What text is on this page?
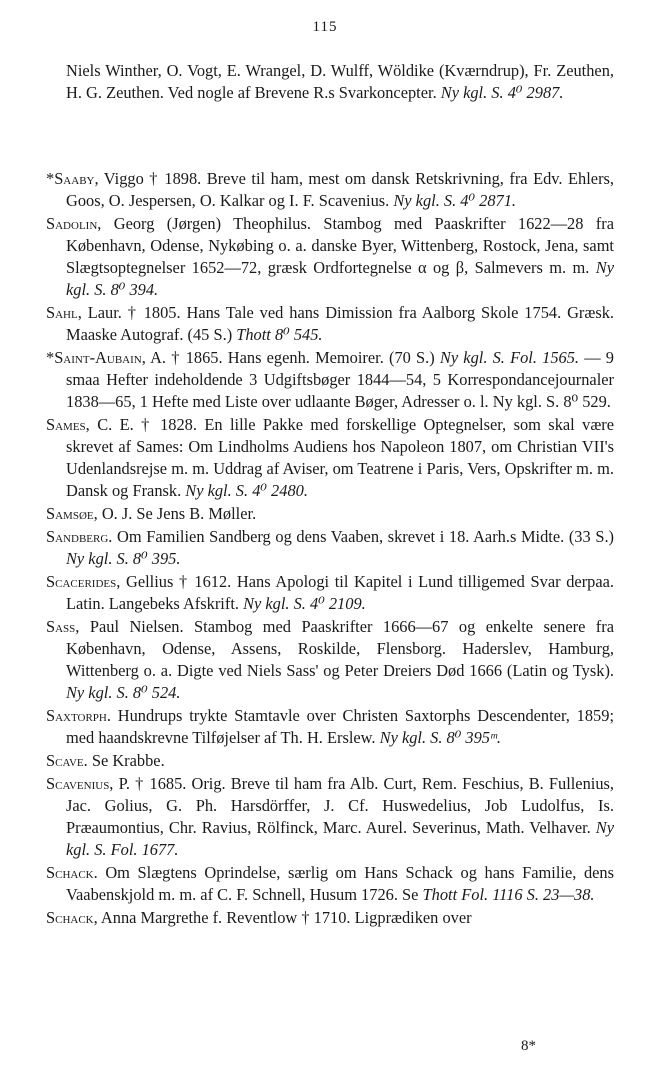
115
Niels Winther, O. Vogt, E. Wrangel, D. Wulff, Wöldike (Kværndrup), Fr. Zeuthen, H. G. Zeuthen. Ved nogle af Brevene R.s Svarkoncepter. Ny kgl. S. 4⁰ 2987.

*Saaby, Viggo † 1898. Breve til ham, mest om dansk Retskrivning, fra Edv. Ehlers, Goos, O. Jespersen, O. Kalkar og I. F. Scavenius. Ny kgl. S. 4⁰ 2871.

Sadolin, Georg (Jørgen) Theophilus. Stambog med Paaskrifter 1622—28 fra København, Odense, Nykøbing o. a. danske Byer, Wittenberg, Rostock, Jena, samt Slægtsoptegnelser 1652—72, græsk Ordfortegnelse α og β, Salmevers m. m. Ny kgl. S. 8⁰ 394.

Sahl, Laur. † 1805. Hans Tale ved hans Dimission fra Aalborg Skole 1754. Græsk. Maaske Autograf. (45 S.) Thott 8⁰ 545.

*Saint-Aubain, A. † 1865. Hans egenh. Memoirer. (70 S.) Ny kgl. S. Fol. 1565. — 9 smaa Hefter indeholdende 3 Udgiftsbøger 1844—54, 5 Korrespondancejournaler 1838—65, 1 Hefte med Liste over udlaante Bøger, Adresser o. l. Ny kgl. S. 8⁰ 529.

Sames, C. E. † 1828. En lille Pakke med forskellige Optegnelser, som skal være skrevet af Sames: Om Lindholms Audiens hos Napoleon 1807, om Christian VII's Udenlandsrejse m. m. Uddrag af Aviser, om Teatrene i Paris, Vers, Opskrifter m. m. Dansk og Fransk. Ny kgl. S. 4⁰ 2480.

Samsøe, O. J. Se Jens B. Møller.

Sandberg. Om Familien Sandberg og dens Vaaben, skrevet i 18. Aarh.s Midte. (33 S.) Ny kgl. S. 8⁰ 395.

Scacerides, Gellius † 1612. Hans Apologi til Kapitel i Lund tilligemed Svar derpaa. Latin. Langebeks Afskrift. Ny kgl. S. 4⁰ 2109.

Sass, Paul Nielsen. Stambog med Paaskrifter 1666—67 og enkelte senere fra København, Odense, Assens, Roskilde, Flensborg. Haderslev, Hamburg, Wittenberg o. a. Digte ved Niels Sass' og Peter Dreiers Død 1666 (Latin og Tysk). Ny kgl. S. 8⁰ 524.

Saxtorph. Hundrups trykte Stamtavle over Christen Saxtorphs Descendenter, 1859; med haandskrevne Tilføjelser af Th. H. Erslew. Ny kgl. S. 8⁰ 395ᵐ.

Scave. Se Krabbe.

Scavenius, P. † 1685. Orig. Breve til ham fra Alb. Curt, Rem. Feschius, B. Fullenius, Jac. Golius, G. Ph. Harsdörffer, J. Cf. Huswedelius, Job Ludolfus, Is. Præaumontius, Chr. Ravius, Rölfinck, Marc. Aurel. Severinus, Math. Velhaver. Ny kgl. S. Fol. 1677.

Schack. Om Slægtens Oprindelse, særlig om Hans Schack og hans Familie, dens Vaabenskjold m. m. af C. F. Schnell, Husum 1726. Se Thott Fol. 1116 S. 23—38.

Schack, Anna Margrethe f. Reventlow † 1710. Ligprædiken over

8*
